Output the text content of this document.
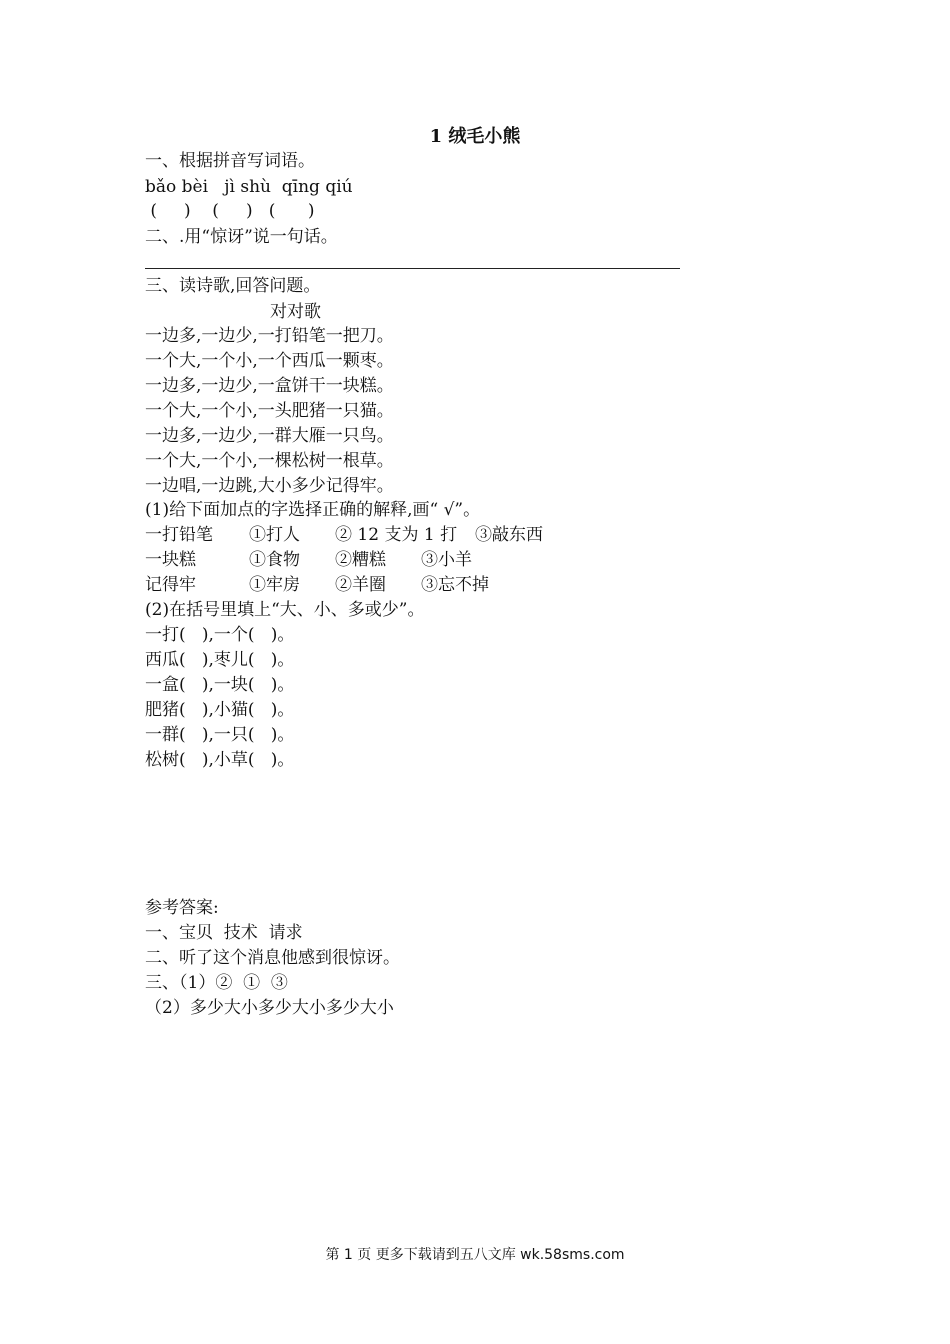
1 绒毛小熊
一、根据拼音写词语。
bǎo bèi   jì shù  qīng qiú
(     )    (     )   (      )
二、.用“惊讶”说一句话。
三、读诗歌,回答问题。
对对歌
一边多,一边少,一打铅笔一把刀。
一个大,一个小,一个西瓜一颗枣。
一边多,一边少,一盒饼干一块糕。
一个大,一个小,一头肥猪一只猫。
一边多,一边少,一群大雁一只鸟。
一个大,一个小,一棵松树一根草。
一边唱,一边跳,大小多少记得牢。
(1)给下面加点的字选择正确的解释,画“ √”。
一打铅笔 ①打人 ② 12 支为 1 打 ③敲东西
一块糕	①食物 ②糟糕 ③小羊
记得牢	①牢房 ②羊圈 ③忘不掉
(2)在括号里填上“大、小、多或少”。
一打(   ),一个(   )。
西瓜(   ),枣儿(   )。
一盒(   ),一块(   )。
肥猪(   ),小猫(   )。
一群(   ),一只(   )。
松树(   ),小草(   )。
参考答案:
一、宝贝  技术  请求
二、听了这个消息他感到很惊讶。
三、（1）②  ①  ③
（2）多少大小多少大小多少大小
第 1 页 更多下载请到五八文库 wk.58sms.com
